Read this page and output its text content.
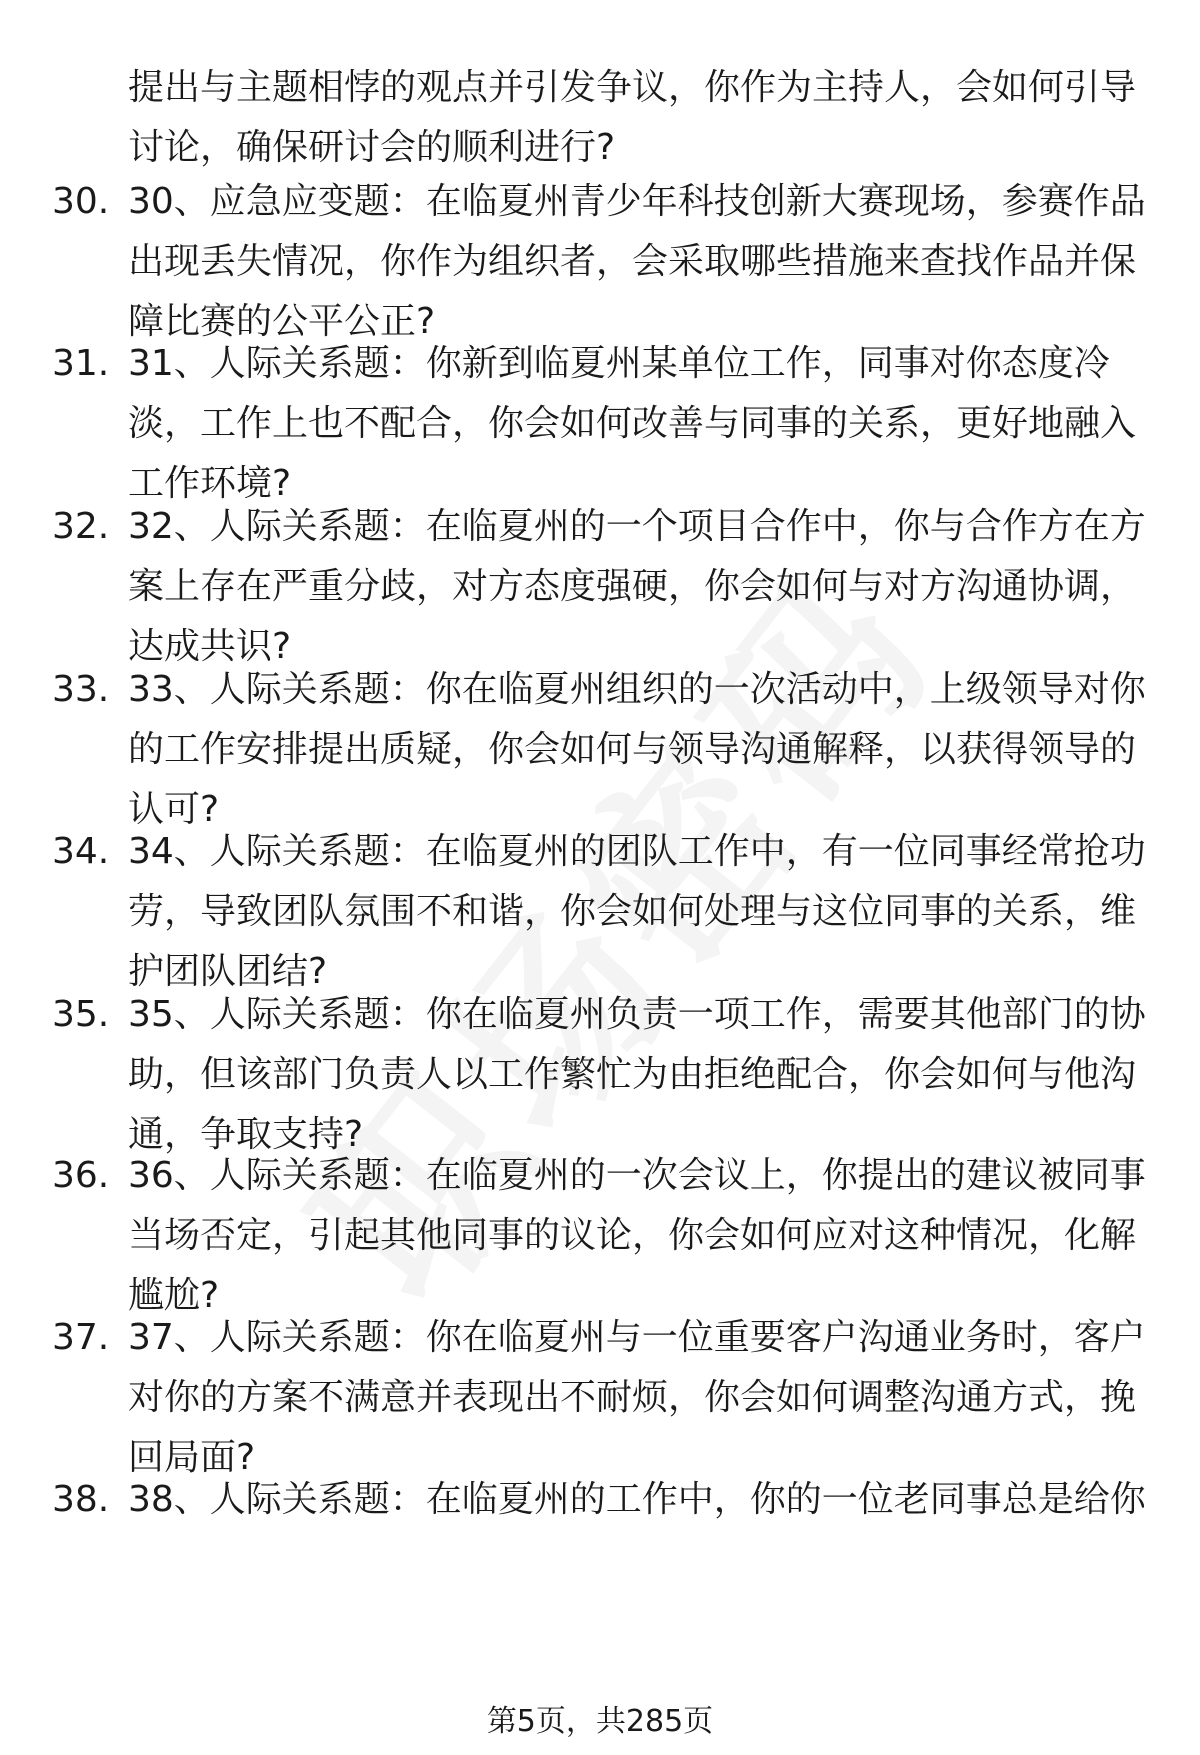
提出与主题相悖的观点并引发争议，你作为主持人，会如何引导讨论，确保研讨会的顺利进行?

30. 30、应急应变题：在临夏州青少年科技创新大赛现场，参赛作品出现丢失情况，你作为组织者，会采取哪些措施来查找作品并保障比赛的公平公正?
31. 31、人际关系题：你新到临夏州某单位工作，同事对你态度冷淡，工作上也不配合，你会如何改善与同事的关系，更好地融入工作环境?
32. 32、人际关系题：在临夏州的一个项目合作中，你与合作方在方案上存在严重分歧，对方态度强硬，你会如何与对方沟通协调，达成共识?
33. 33、人际关系题：你在临夏州组织的一次活动中，上级领导对你的工作安排提出质疑，你会如何与领导沟通解释，以获得领导的认可?
34. 34、人际关系题：在临夏州的团队工作中，有一位同事经常抢功劳，导致团队氛围不和谐，你会如何处理与这位同事的关系，维护团队团结?
35. 35、人际关系题：你在临夏州负责一项工作，需要其他部门的协助，但该部门负责人以工作繁忙为由拒绝配合，你会如何与他沟通，争取支持?
36. 36、人际关系题：在临夏州的一次会议上，你提出的建议被同事当场否定，引起其他同事的议论，你会如何应对这种情况，化解尴尬?
37. 37、人际关系题：你在临夏州与一位重要客户沟通业务时，客户对你的方案不满意并表现出不耐烦，你会如何调整沟通方式，挽回局面?
38. 38、人际关系题：在临夏州的工作中，你的一位老同事总是给你
第5页，共285页
